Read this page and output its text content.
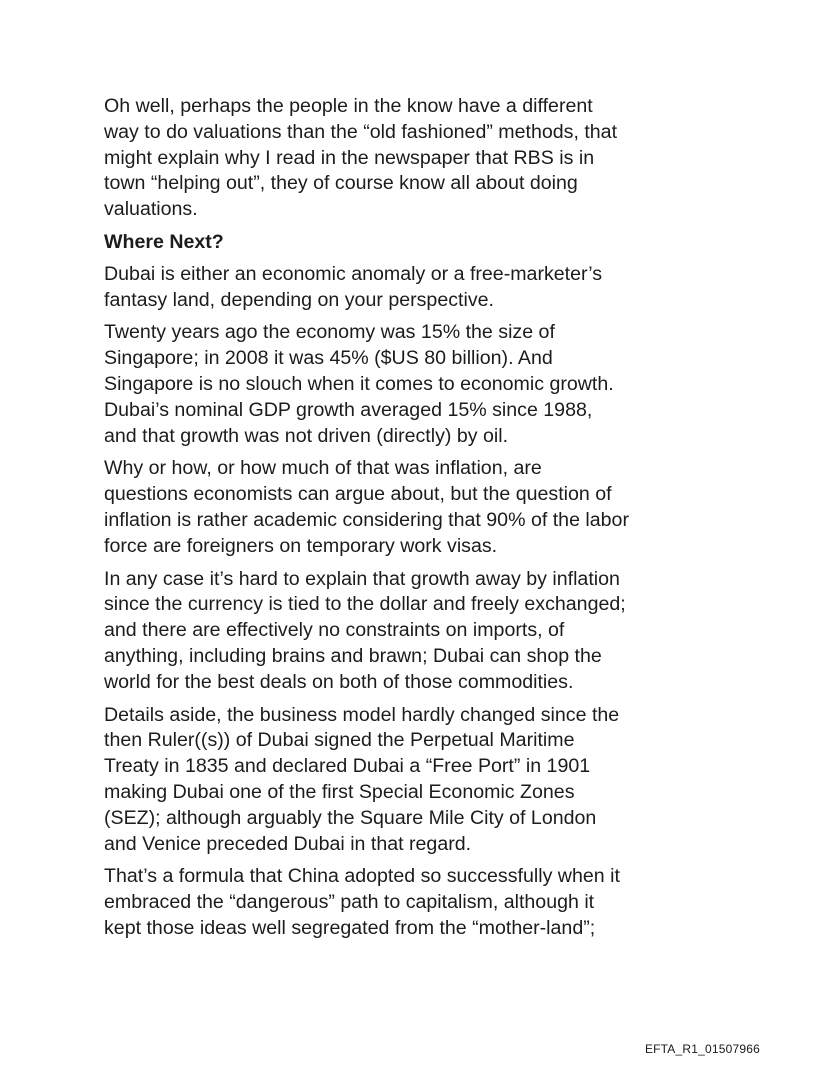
Oh well, perhaps the people in the know have a different
way to do valuations than the “old fashioned” methods, that
might explain why I read in the newspaper that RBS is in
town “helping out”, they of course know all about doing
valuations.

Where Next?

Dubai is either an economic anomaly or a free-marketer’s
fantasy land, depending on your perspective.

Twenty years ago the economy was 15% the size of
Singapore; in 2008 it was 45% ($US 80 billion). And
Singapore is no slouch when it comes to economic growth.
Dubai’s nominal GDP growth averaged 15% since 1988,
and that growth was not driven (directly) by oil.

Why or how, or how much of that was inflation, are
questions economists can argue about, but the question of
inflation is rather academic considering that 90% of the labor
force are foreigners on temporary work visas.

In any case it’s hard to explain that growth away by inflation
since the currency is tied to the dollar and freely exchanged;
and there are effectively no constraints on imports, of
anything, including brains and brawn; Dubai can shop the
world for the best deals on both of those commodities.

Details aside, the business model hardly changed since the
then Ruler((s)) of Dubai signed the Perpetual Maritime
Treaty in 1835 and declared Dubai a “Free Port” in 1901
making Dubai one of the first Special Economic Zones
(SEZ); although arguably the Square Mile City of London
and Venice preceded Dubai in that regard.

That’s a formula that China adopted so successfully when it
embraced the “dangerous” path to capitalism, although it
kept those ideas well segregated from the “mother-land”;

EFTA_R1_01507966
